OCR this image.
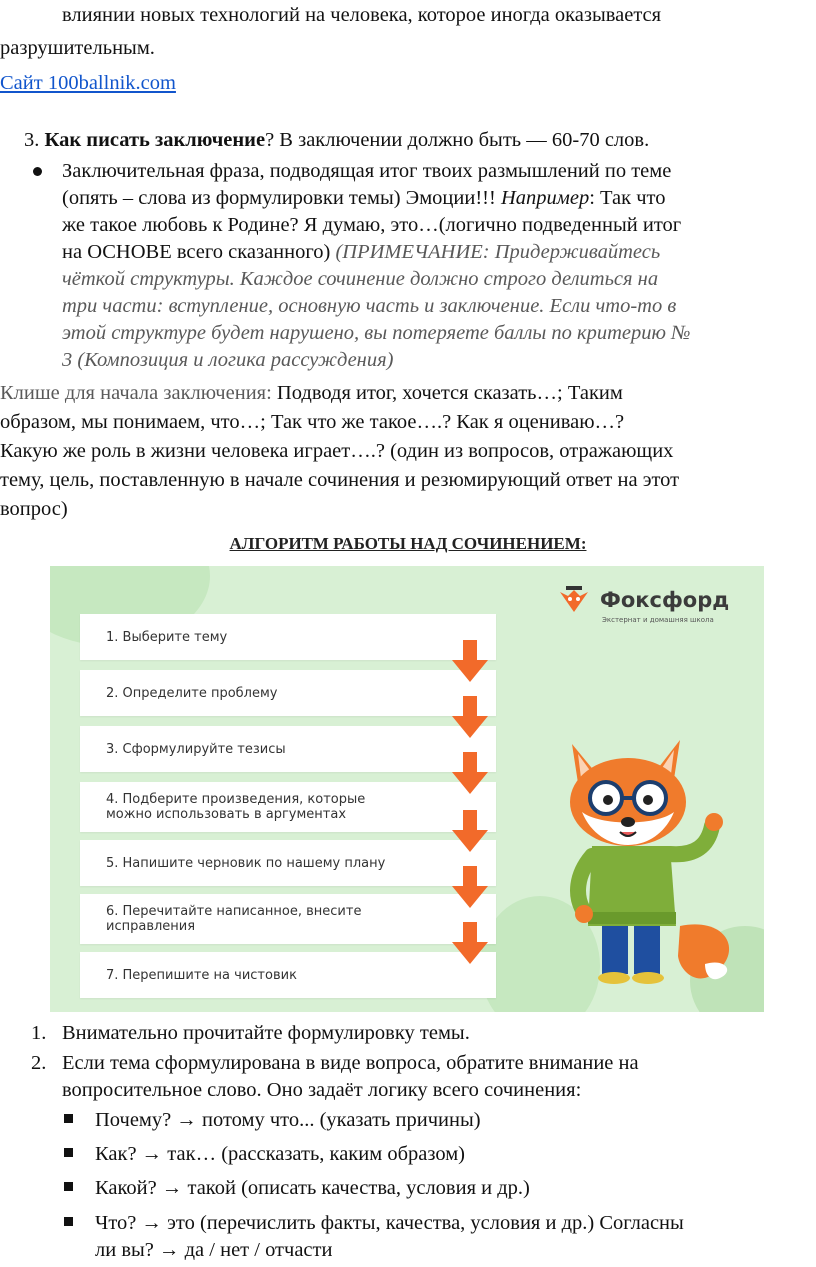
влиянии новых технологий на человека, которое иногда оказывается
разрушительным.
Сайт 100ballnik.com
3. Как писать заключение? В заключении должно быть — 60-70 слов.
Заключительная фраза, подводящая итог твоих размышлений по теме
(опять – слова из формулировки темы) Эмоции!!! Например: Так что
же такое любовь к Родине? Я думаю, это…(логично подведенный итог
на ОСНОВЕ всего сказанного) (ПРИМЕЧАНИЕ: Придерживайтесь
чёткой структуры. Каждое сочинение должно строго делиться на
три части: вступление, основную часть и заключение. Если что-то в
этой структуре будет нарушено, вы потеряете баллы по критерию №
3 (Композиция и логика рассуждения)
Клише для начала заключения: Подводя итог, хочется сказать…; Таким
образом, мы понимаем, что…; Так что же такое….? Как я оцениваю…?
Какую же роль в жизни человека играет….? (один из вопросов, отражающих
тему, цель, поставленную в начале сочинения и резюмирующий ответ на этот
вопрос)
АЛГОРИТМ РАБОТЫ НАД СОЧИНЕНИЕМ:
Фоксфорд
Экстернат и домашняя школа
1. Выберите тему
2. Определите проблему
3. Сформулируйте тезисы
4. Подберите произведения, которые
можно использовать в аргументах
5. Напишите черновик по нашему плану
6. Перечитайте написанное, внесите
исправления
7. Перепишите на чистовик
1. Внимательно прочитайте формулировку темы.
2. Если тема сформулирована в виде вопроса, обратите внимание на
вопросительное слово. Оно задаёт логику всего сочинения:
Почему? → потому что... (указать причины)
Как? → так… (рассказать, каким образом)
Какой? → такой (описать качества, условия и др.)
Что? → это (перечислить факты, качества, условия и др.) Согласны
ли вы? → да / нет / отчасти
